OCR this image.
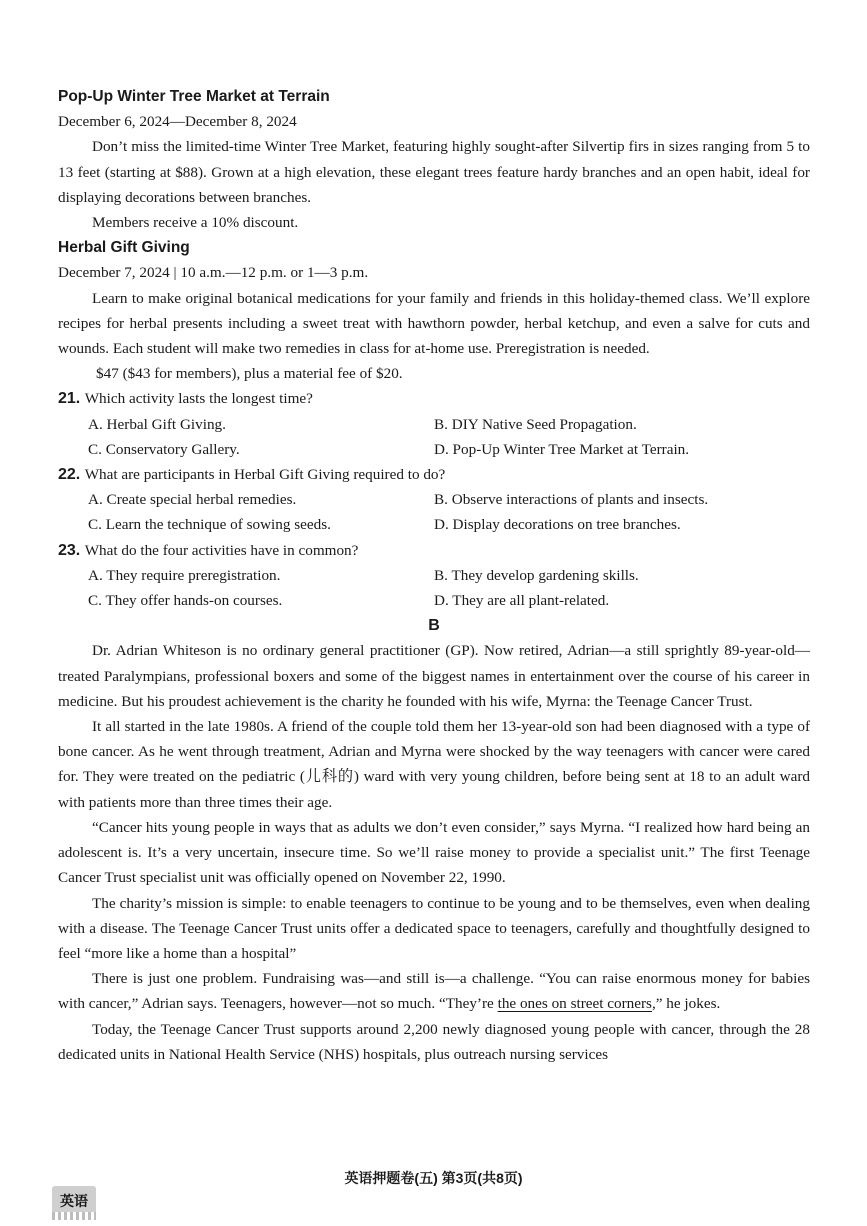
Pop-Up Winter Tree Market at Terrain

December 6, 2024—December 8, 2024

Don’t miss the limited-time Winter Tree Market, featuring highly sought-after Silvertip firs in sizes ranging from 5 to 13 feet (starting at $88). Grown at a high elevation, these elegant trees feature hardy branches and an open habit, ideal for displaying decorations between branches.

Members receive a 10% discount.

Herbal Gift Giving

December 7, 2024 | 10 a.m.—12 p.m. or 1—3 p.m.

Learn to make original botanical medications for your family and friends in this holiday-themed class. We’ll explore recipes for herbal presents including a sweet treat with hawthorn powder, herbal ketchup, and even a salve for cuts and wounds. Each student will make two remedies in class for at-home use. Preregistration is needed.

$47 ($43 for members), plus a material fee of $20.

21. Which activity lasts the longest time?

A. Herbal Gift Giving.	B. DIY Native Seed Propagation.
C. Conservatory Gallery.	D. Pop-Up Winter Tree Market at Terrain.

22. What are participants in Herbal Gift Giving required to do?

A. Create special herbal remedies.	B. Observe interactions of plants and insects.
C. Learn the technique of sowing seeds.	D. Display decorations on tree branches.

23. What do the four activities have in common?

A. They require preregistration.	B. They develop gardening skills.
C. They offer hands-on courses.	D. They are all plant-related.

B

Dr. Adrian Whiteson is no ordinary general practitioner (GP). Now retired, Adrian—a still sprightly 89-year-old—treated Paralympians, professional boxers and some of the biggest names in entertainment over the course of his career in medicine. But his proudest achievement is the charity he founded with his wife, Myrna: the Teenage Cancer Trust.

It all started in the late 1980s. A friend of the couple told them her 13-year-old son had been diagnosed with a type of bone cancer. As he went through treatment, Adrian and Myrna were shocked by the way teenagers with cancer were cared for. They were treated on the pediatric (儿科的) ward with very young children, before being sent at 18 to an adult ward with patients more than three times their age.

“Cancer hits young people in ways that as adults we don’t even consider,” says Myrna. “I realized how hard being an adolescent is. It’s a very uncertain, insecure time. So we’ll raise money to provide a specialist unit.” The first Teenage Cancer Trust specialist unit was officially opened on November 22, 1990.

The charity’s mission is simple: to enable teenagers to continue to be young and to be themselves, even when dealing with a disease. The Teenage Cancer Trust units offer a dedicated space to teenagers, carefully and thoughtfully designed to feel “more like a home than a hospital”

There is just one problem. Fundraising was—and still is—a challenge. “You can raise enormous money for babies with cancer,” Adrian says. Teenagers, however—not so much. “They’re the ones on street corners,” he jokes.

Today, the Teenage Cancer Trust supports around 2,200 newly diagnosed young people with cancer, through the 28 dedicated units in National Health Service (NHS) hospitals, plus outreach nursing services

英语押题卷(五) 第3页(共8页)
英语
